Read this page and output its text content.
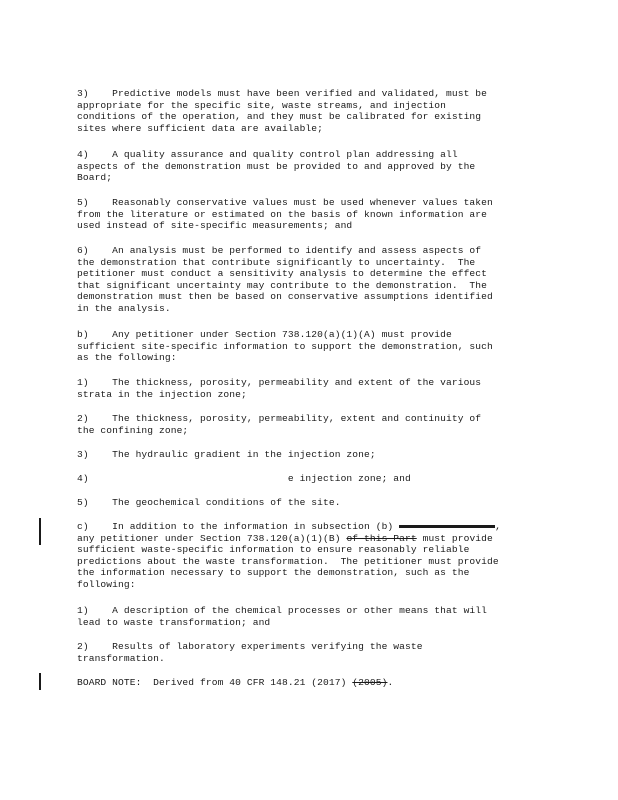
3)    Predictive models must have been verified and validated, must be
appropriate for the specific site, waste streams, and injection
conditions of the operation, and they must be calibrated for existing
sites where sufficient data are available;
4)    A quality assurance and quality control plan addressing all
aspects of the demonstration must be provided to and approved by the
Board;
5)    Reasonably conservative values must be used whenever values taken
from the literature or estimated on the basis of known information are
used instead of site-specific measurements; and
6)    An analysis must be performed to identify and assess aspects of
the demonstration that contribute significantly to uncertainty.  The
petitioner must conduct a sensitivity analysis to determine the effect
that significant uncertainty may contribute to the demonstration.  The
demonstration must then be based on conservative assumptions identified
in the analysis.
b)    Any petitioner under Section 738.120(a)(1)(A) must provide
sufficient site-specific information to support the demonstration, such
as the following:
1)    The thickness, porosity, permeability and extent of the various
strata in the injection zone;
2)    The thickness, porosity, permeability, extent and continuity of
the confining zone;
3)    The hydraulic gradient in the injection zone;
4)                                  e injection zone; and
5)    The geochemical conditions of the site.
c)    In addition to the information in subsection (b)	,
any petitioner under Section 738.120(a)(1)(B) of this Part must provide
sufficient waste-specific information to ensure reasonably reliable
predictions about the waste transformation.  The petitioner must provide
the information necessary to support the demonstration, such as the
following:
1)    A description of the chemical processes or other means that will
lead to waste transformation; and
2)    Results of laboratory experiments verifying the waste
transformation.
BOARD NOTE:  Derived from 40 CFR 148.21 (2017) (2005).
